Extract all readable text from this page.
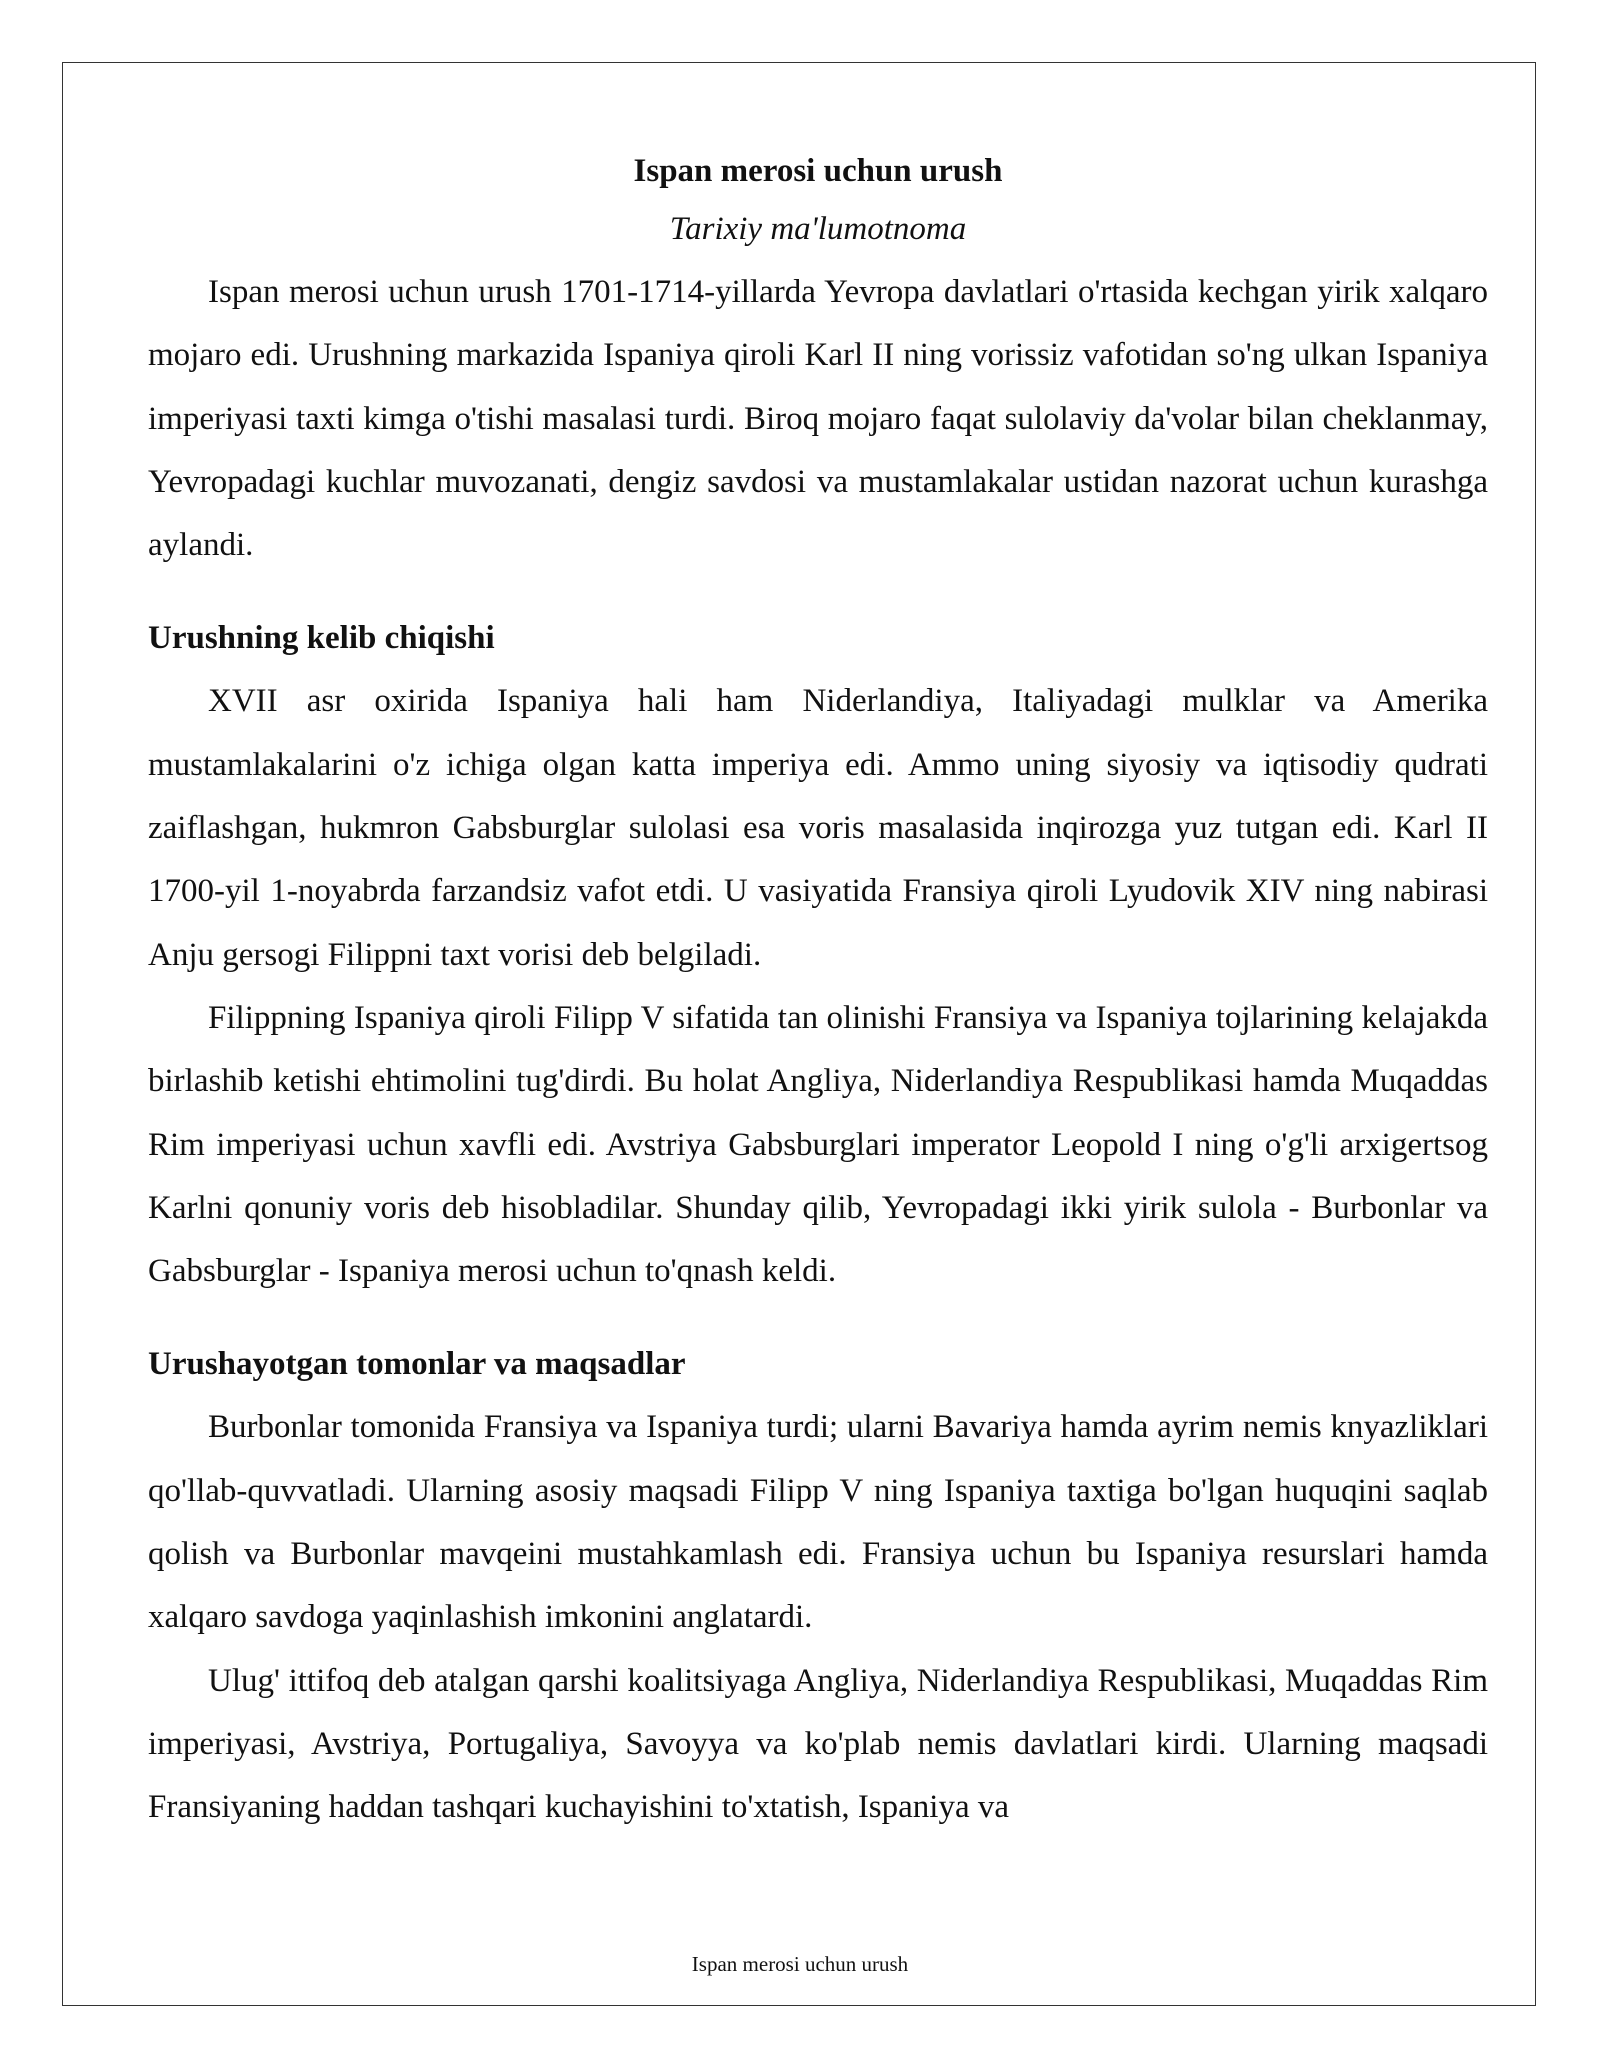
Ispan merosi uchun urush

Tarixiy ma'lumotnoma

Ispan merosi uchun urush 1701-1714-yillarda Yevropa davlatlari o'rtasida kechgan yirik xalqaro mojaro edi. Urushning markazida Ispaniya qiroli Karl II ning vorissiz vafotidan so'ng ulkan Ispaniya imperiyasi taxti kimga o'tishi masalasi turdi. Biroq mojaro faqat sulolaviy da'volar bilan cheklanmay, Yevropadagi kuchlar muvozanati, dengiz savdosi va mustamlakalar ustidan nazorat uchun kurashga aylandi.

Urushning kelib chiqishi

XVII asr oxirida Ispaniya hali ham Niderlandiya, Italiyadagi mulklar va Amerika mustamlakalarini o'z ichiga olgan katta imperiya edi. Ammo uning siyosiy va iqtisodiy qudrati zaiflashgan, hukmron Gabsburglar sulolasi esa voris masalasida inqirozga yuz tutgan edi. Karl II 1700-yil 1-noyabrda farzandsiz vafot etdi. U vasiyatida Fransiya qiroli Lyudovik XIV ning nabirasi Anju gersogi Filippni taxt vorisi deb belgiladi.

Filippning Ispaniya qiroli Filipp V sifatida tan olinishi Fransiya va Ispaniya tojlarining kelajakda birlashib ketishi ehtimolini tug'dirdi. Bu holat Angliya, Niderlandiya Respublikasi hamda Muqaddas Rim imperiyasi uchun xavfli edi. Avstriya Gabsburglari imperator Leopold I ning o'g'li arxigertsog Karlni qonuniy voris deb hisobladilar. Shunday qilib, Yevropadagi ikki yirik sulola - Burbonlar va Gabsburglar - Ispaniya merosi uchun to'qnash keldi.

Urushayotgan tomonlar va maqsadlar

Burbonlar tomonida Fransiya va Ispaniya turdi; ularni Bavariya hamda ayrim nemis knyazliklari qo'llab-quvvatladi. Ularning asosiy maqsadi Filipp V ning Ispaniya taxtiga bo'lgan huquqini saqlab qolish va Burbonlar mavqeini mustahkamlash edi. Fransiya uchun bu Ispaniya resurslari hamda xalqaro savdoga yaqinlashish imkonini anglatardi.

Ulug' ittifoq deb atalgan qarshi koalitsiyaga Angliya, Niderlandiya Respublikasi, Muqaddas Rim imperiyasi, Avstriya, Portugaliya, Savoyya va ko'plab nemis davlatlari kirdi. Ularning maqsadi Fransiyaning haddan tashqari kuchayishini to'xtatish, Ispaniya va

Ispan merosi uchun urush
